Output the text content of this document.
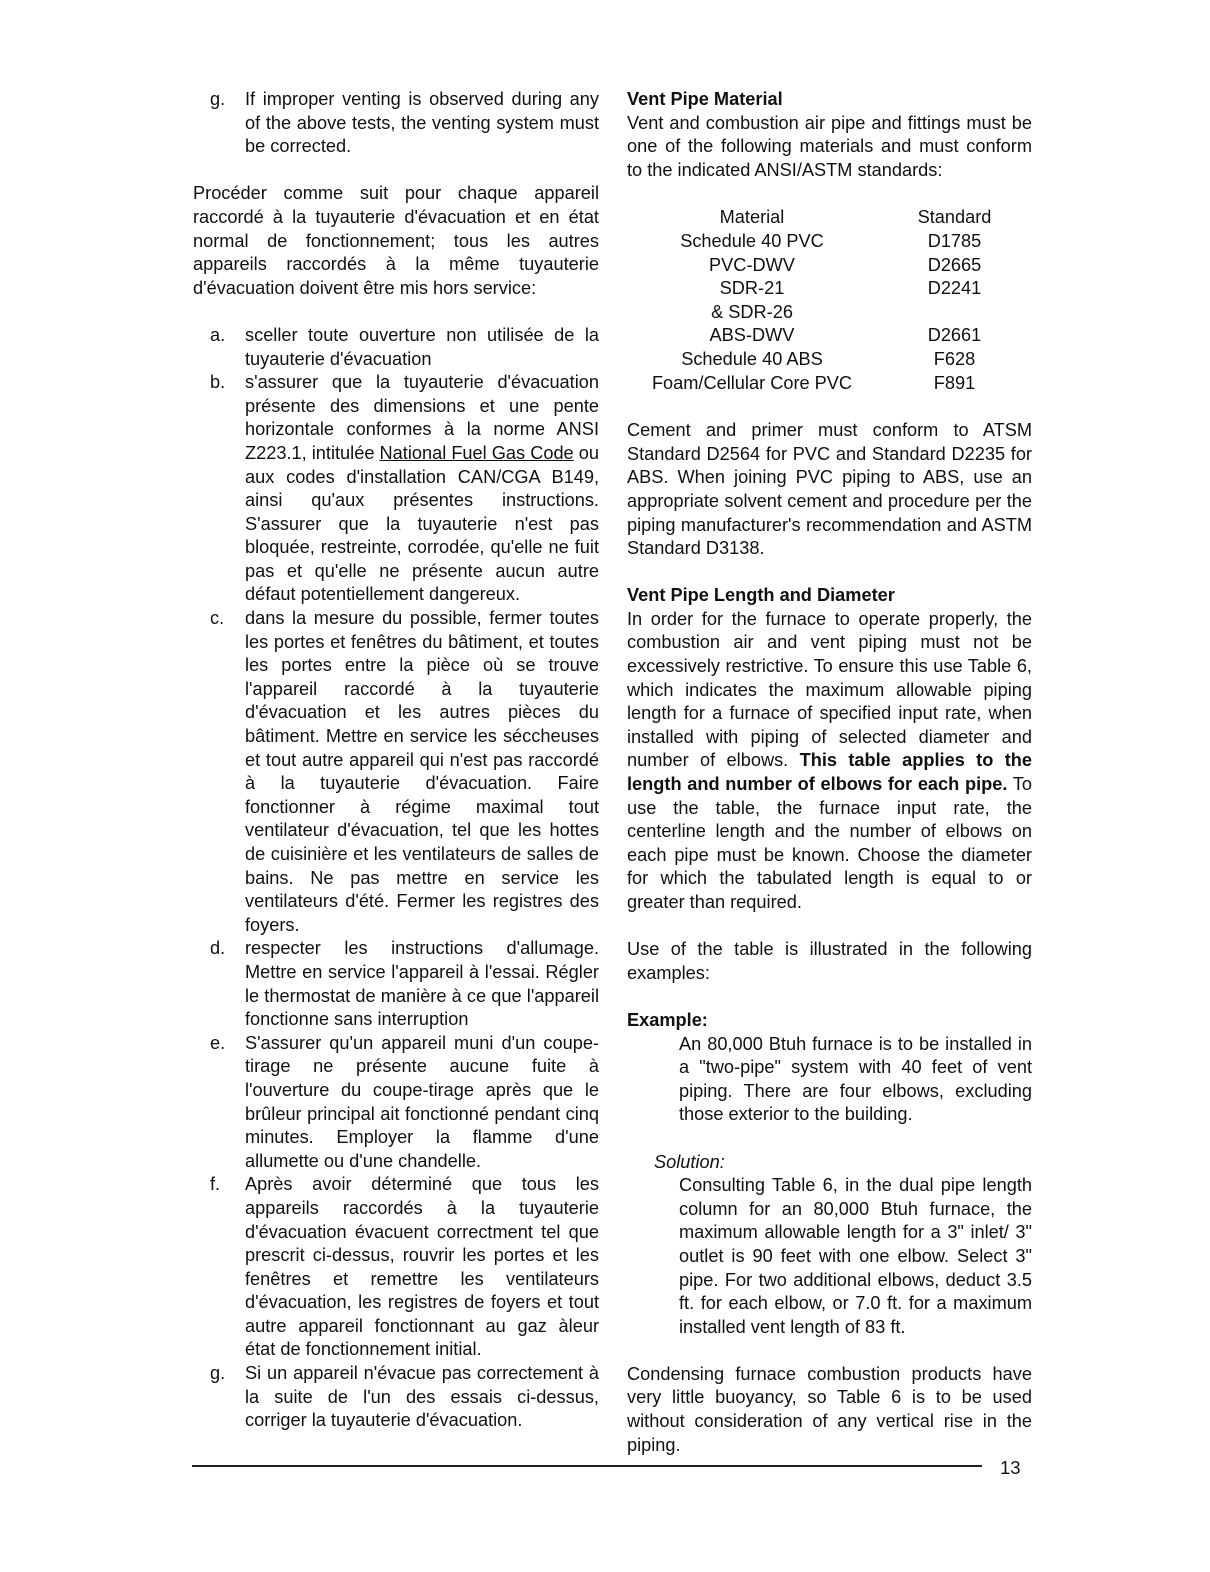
g. If improper venting is observed during any of the above tests, the venting system must be corrected.

Procéder comme suit pour chaque appareil raccordé à la tuyauterie d'évacuation et en état normal de fonctionnement; tous les autres appareils raccordés à la même tuyauterie d'évacuation doivent être mis hors service:

a. sceller toute ouverture non utilisée de la tuyauterie d'évacuation
b. s'assurer que la tuyauterie d'évacuation présente des dimensions et une pente horizontale conformes à la norme ANSI Z223.1, intitulée National Fuel Gas Code ou aux codes d'installation CAN/CGA B149, ainsi qu'aux présentes instructions. S'assurer que la tuyauterie n'est pas bloquée, restreinte, corrodée, qu'elle ne fuit pas et qu'elle ne présente aucun autre défaut potentiellement dangereux.
c. dans la mesure du possible, fermer toutes les portes et fenêtres du bâtiment, et toutes les portes entre la pièce où se trouve l'appareil raccordé à la tuyauterie d'évacuation et les autres pièces du bâtiment. Mettre en service les séccheuses et tout autre appareil qui n'est pas raccordé à la tuyauterie d'évacuation. Faire fonctionner à régime maximal tout ventilateur d'évacuation, tel que les hottes de cuisinière et les ventilateurs de salles de bains. Ne pas mettre en service les ventilateurs d'été. Fermer les registres des foyers.
d. respecter les instructions d'allumage. Mettre en service l'appareil à l'essai. Régler le thermostat de manière à ce que l'appareil fonctionne sans interruption
e. S'assurer qu'un appareil muni d'un coupe-tirage ne présente aucune fuite à l'ouverture du coupe-tirage après que le brûleur principal ait fonctionné pendant cinq minutes. Employer la flamme d'une allumette ou d'une chandelle.
f. Après avoir déterminé que tous les appareils raccordés à la tuyauterie d'évacuation évacuent correctment tel que prescrit ci-dessus, rouvrir les portes et les fenêtres et remettre les ventilateurs d'évacuation, les registres de foyers et tout autre appareil fonctionnant au gaz àleur état de fonctionnement initial.
g. Si un appareil n'évacue pas correctement à la suite de l'un des essais ci-dessus, corriger la tuyauterie d'évacuation.
Vent Pipe Material

Vent and combustion air pipe and fittings must be one of the following materials and must conform to the indicated ANSI/ASTM standards:

Material	Standard
Schedule 40 PVC	D1785
PVC-DWV	D2665
SDR-21	D2241
& SDR-26	
ABS-DWV	D2661
Schedule 40 ABS	F628
Foam/Cellular Core PVC	F891

Cement and primer must conform to ATSM Standard D2564 for PVC and Standard D2235 for ABS. When joining PVC piping to ABS, use an appropriate solvent cement and procedure per the piping manufacturer's recommendation and ASTM Standard D3138.

Vent Pipe Length and Diameter

In order for the furnace to operate properly, the combustion air and vent piping must not be excessively restrictive. To ensure this use Table 6, which indicates the maximum allowable piping length for a furnace of specified input rate, when installed with piping of selected diameter and number of elbows. This table applies to the length and number of elbows for each pipe. To use the table, the furnace input rate, the centerline length and the number of elbows on each pipe must be known. Choose the diameter for which the tabulated length is equal to or greater than required.

Use of the table is illustrated in the following examples:

Example:

An 80,000 Btuh furnace is to be installed in a "two-pipe" system with 40 feet of vent piping. There are four elbows, excluding those exterior to the building.

Solution:

Consulting Table 6, in the dual pipe length column for an 80,000 Btuh furnace, the maximum allowable length for a 3" inlet/ 3" outlet is 90 feet with one elbow. Select 3" pipe. For two additional elbows, deduct 3.5 ft. for each elbow, or 7.0 ft. for a maximum installed vent length of 83 ft.

Condensing furnace combustion products have very little buoyancy, so Table 6 is to be used without consideration of any vertical rise in the piping.

13
